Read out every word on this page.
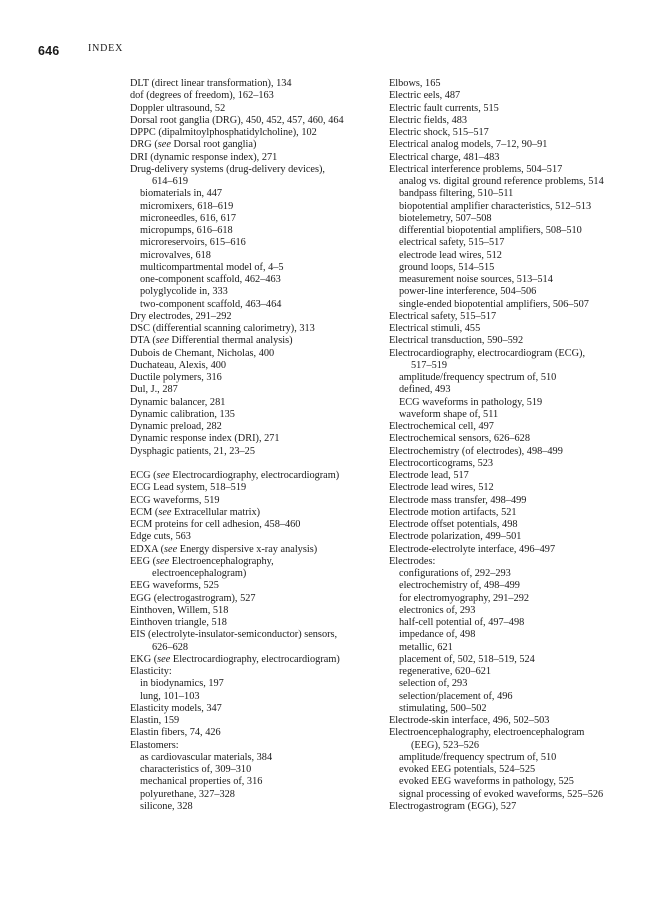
646	INDEX
DLT (direct linear transformation), 134
dof (degrees of freedom), 162–163
Doppler ultrasound, 52
Dorsal root ganglia (DRG), 450, 452, 457, 460, 464
DPPC (dipalmitoylphosphatidylcholine), 102
DRG (see Dorsal root ganglia)
DRI (dynamic response index), 271
Drug-delivery systems (drug-delivery devices),
614–619
biomaterials in, 447
micromixers, 618–619
microneedles, 616, 617
micropumps, 616–618
microreservoirs, 615–616
microvalves, 618
multicompartmental model of, 4–5
one-component scaffold, 462–463
polyglycolide in, 333
two-component scaffold, 463–464
Dry electrodes, 291–292
DSC (differential scanning calorimetry), 313
DTA (see Differential thermal analysis)
Dubois de Chemant, Nicholas, 400
Duchateau, Alexis, 400
Ductile polymers, 316
Dul, J., 287
Dynamic balancer, 281
Dynamic calibration, 135
Dynamic preload, 282
Dynamic response index (DRI), 271
Dysphagic patients, 21, 23–25
ECG (see Electrocardiography, electrocardiogram)
ECG Lead system, 518–519
ECG waveforms, 519
ECM (see Extracellular matrix)
ECM proteins for cell adhesion, 458–460
Edge cuts, 563
EDXA (see Energy dispersive x-ray analysis)
EEG (see Electroencephalography,
electroencephalogram)
EEG waveforms, 525
EGG (electrogastrogram), 527
Einthoven, Willem, 518
Einthoven triangle, 518
EIS (electrolyte-insulator-semiconductor) sensors,
626–628
EKG (see Electrocardiography, electrocardiogram)
Elasticity:
in biodynamics, 197
lung, 101–103
Elasticity models, 347
Elastin, 159
Elastin fibers, 74, 426
Elastomers:
as cardiovascular materials, 384
characteristics of, 309–310
mechanical properties of, 316
polyurethane, 327–328
silicone, 328
Elbows, 165
Electric eels, 487
Electric fault currents, 515
Electric fields, 483
Electric shock, 515–517
Electrical analog models, 7–12, 90–91
Electrical charge, 481–483
Electrical interference problems, 504–517
analog vs. digital ground reference problems, 514
bandpass filtering, 510–511
biopotential amplifier characteristics, 512–513
biotelemetry, 507–508
differential biopotential amplifiers, 508–510
electrical safety, 515–517
electrode lead wires, 512
ground loops, 514–515
measurement noise sources, 513–514
power-line interference, 504–506
single-ended biopotential amplifiers, 506–507
Electrical safety, 515–517
Electrical stimuli, 455
Electrical transduction, 590–592
Electrocardiography, electrocardiogram (ECG),
517–519
amplitude/frequency spectrum of, 510
defined, 493
ECG waveforms in pathology, 519
waveform shape of, 511
Electrochemical cell, 497
Electrochemical sensors, 626–628
Electrochemistry (of electrodes), 498–499
Electrocorticograms, 523
Electrode lead, 517
Electrode lead wires, 512
Electrode mass transfer, 498–499
Electrode motion artifacts, 521
Electrode offset potentials, 498
Electrode polarization, 499–501
Electrode-electrolyte interface, 496–497
Electrodes:
configurations of, 292–293
electrochemistry of, 498–499
for electromyography, 291–292
electronics of, 293
half-cell potential of, 497–498
impedance of, 498
metallic, 621
placement of, 502, 518–519, 524
regenerative, 620–621
selection of, 293
selection/placement of, 496
stimulating, 500–502
Electrode-skin interface, 496, 502–503
Electroencephalography, electroencephalogram
(EEG), 523–526
amplitude/frequency spectrum of, 510
evoked EEG potentials, 524–525
evoked EEG waveforms in pathology, 525
signal processing of evoked waveforms, 525–526
Electrogastrogram (EGG), 527
